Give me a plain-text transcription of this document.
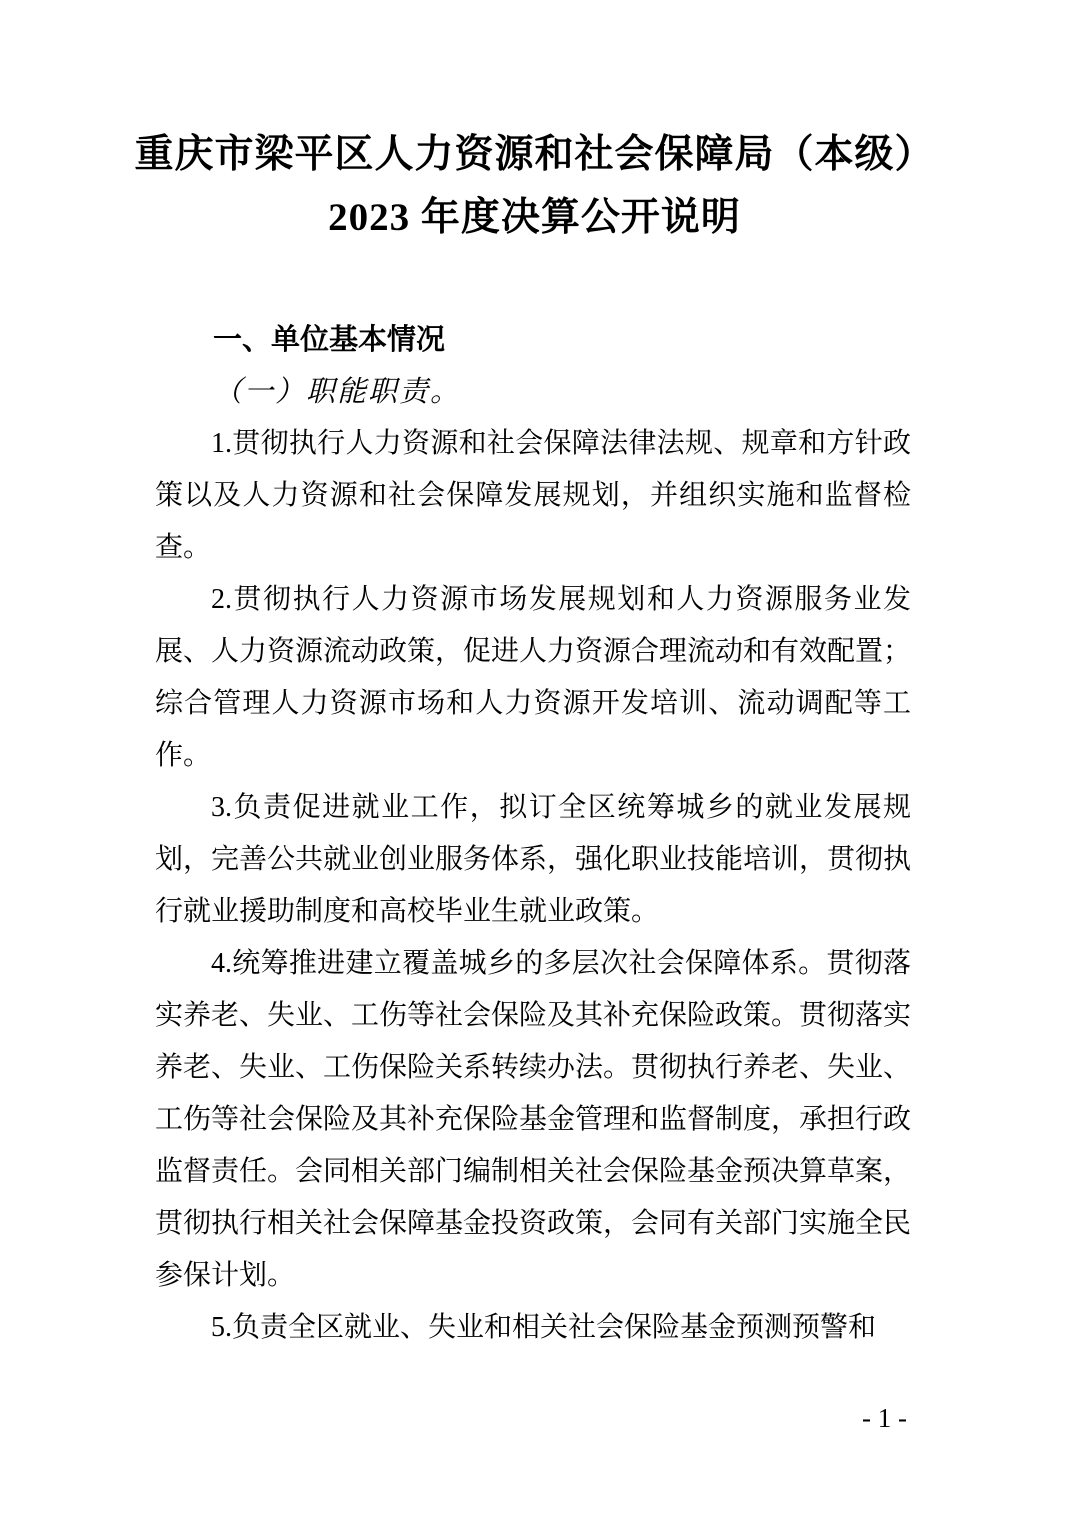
重庆市梁平区人力资源和社会保障局（本级）
2023 年度决算公开说明
一、单位基本情况
（一）职能职责。

1.贯彻执行人力资源和社会保障法律法规、规章和方针政策以及人力资源和社会保障发展规划，并组织实施和监督检查。

2.贯彻执行人力资源市场发展规划和人力资源服务业发展、人力资源流动政策，促进人力资源合理流动和有效配置；综合管理人力资源市场和人力资源开发培训、流动调配等工作。

3.负责促进就业工作，拟订全区统筹城乡的就业发展规划，完善公共就业创业服务体系，强化职业技能培训，贯彻执行就业援助制度和高校毕业生就业政策。

4.统筹推进建立覆盖城乡的多层次社会保障体系。贯彻落实养老、失业、工伤等社会保险及其补充保险政策。贯彻落实养老、失业、工伤保险关系转续办法。贯彻执行养老、失业、工伤等社会保险及其补充保险基金管理和监督制度，承担行政监督责任。会同相关部门编制相关社会保险基金预决算草案，贯彻执行相关社会保障基金投资政策，会同有关部门实施全民参保计划。

5.负责全区就业、失业和相关社会保险基金预测预警和

- 1 -
